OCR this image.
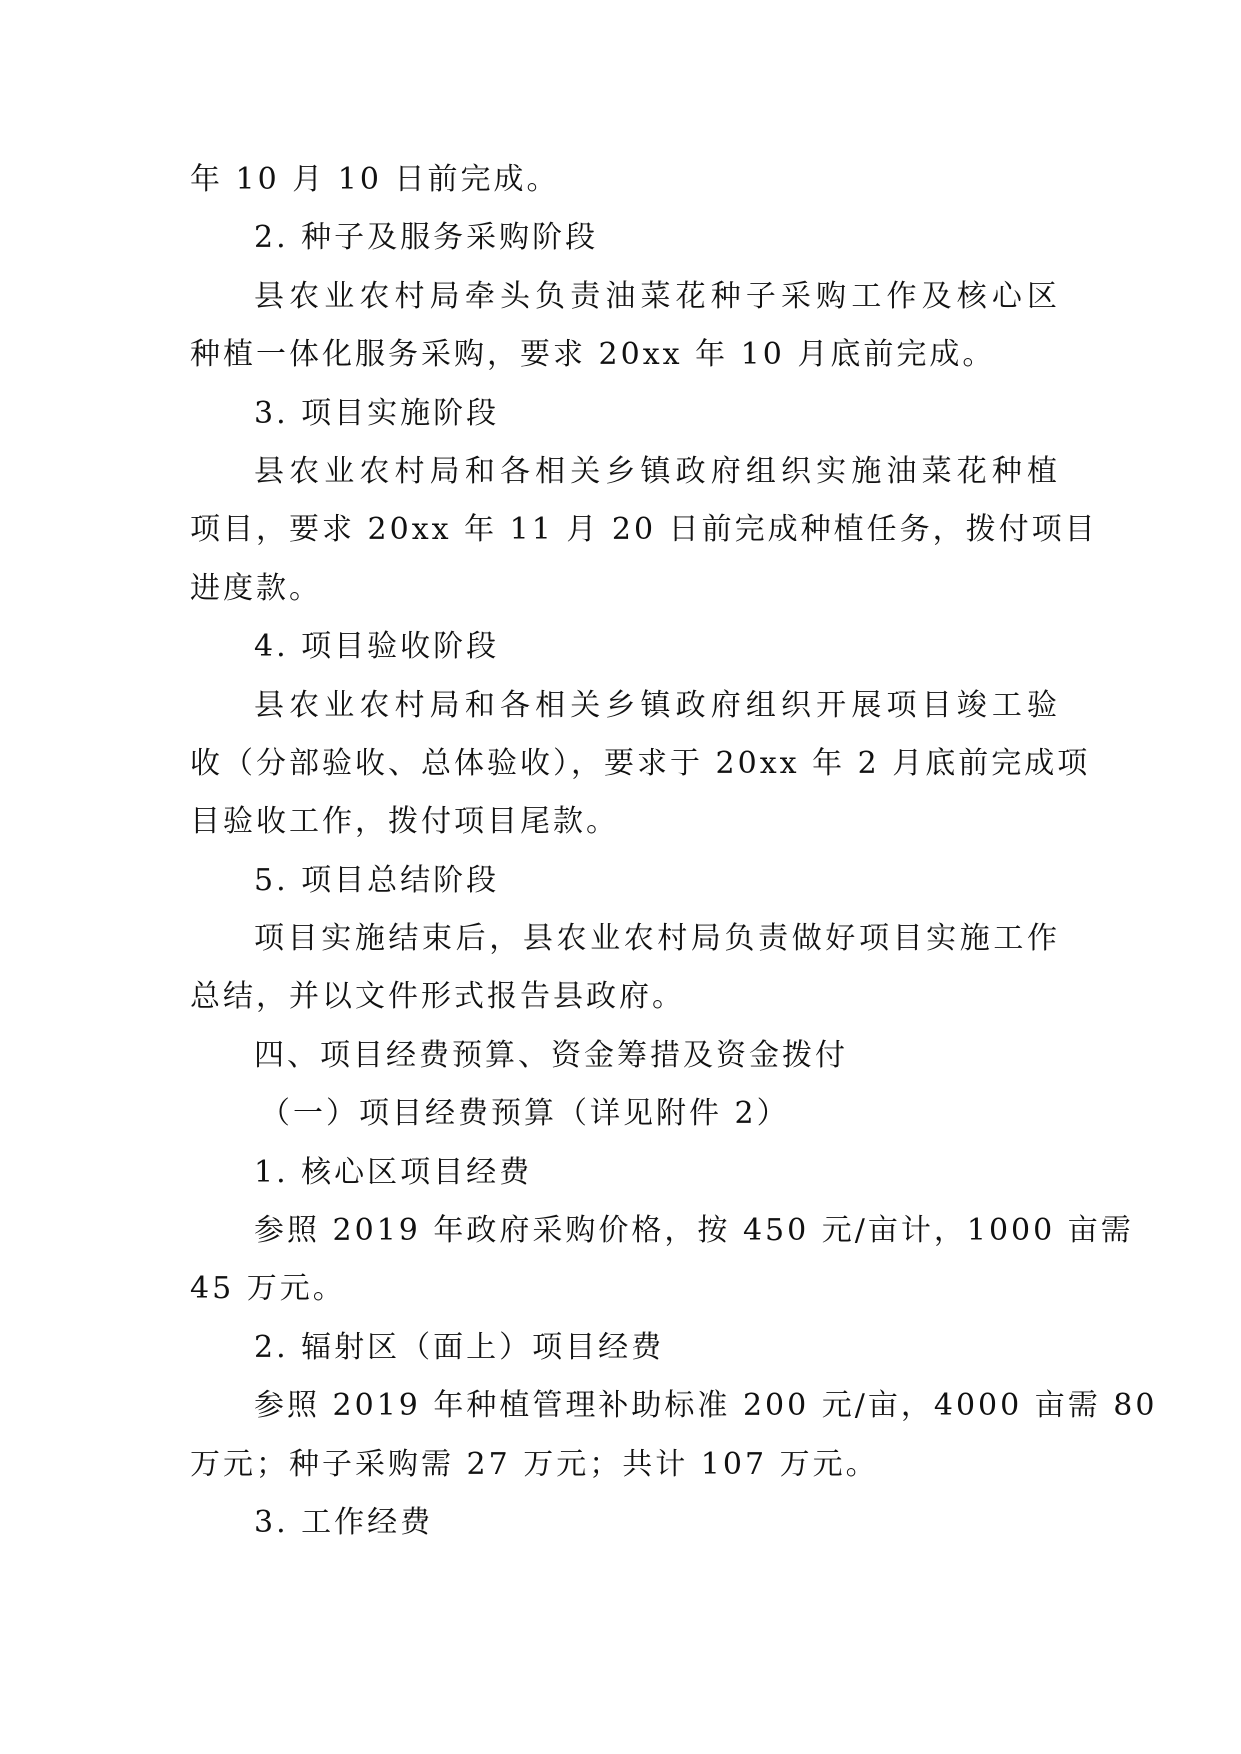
年 10 月 10 日前完成。
2. 种子及服务采购阶段
县农业农村局牵头负责油菜花种子采购工作及核心区
种植一体化服务采购，要求 20xx 年 10 月底前完成。
3. 项目实施阶段
县农业农村局和各相关乡镇政府组织实施油菜花种植
项目，要求 20xx 年 11 月 20 日前完成种植任务，拨付项目
进度款。
4. 项目验收阶段
县农业农村局和各相关乡镇政府组织开展项目竣工验
收（分部验收、总体验收），要求于 20xx 年 2 月底前完成项
目验收工作，拨付项目尾款。
5. 项目总结阶段
项目实施结束后，县农业农村局负责做好项目实施工作
总结，并以文件形式报告县政府。
四、项目经费预算、资金筹措及资金拨付
（一）项目经费预算（详见附件 2）
1. 核心区项目经费
参照 2019 年政府采购价格，按 450 元/亩计，1000 亩需
45 万元。
2. 辐射区（面上）项目经费
参照 2019 年种植管理补助标准 200 元/亩，4000 亩需 80
万元；种子采购需 27 万元；共计 107 万元。
3. 工作经费
